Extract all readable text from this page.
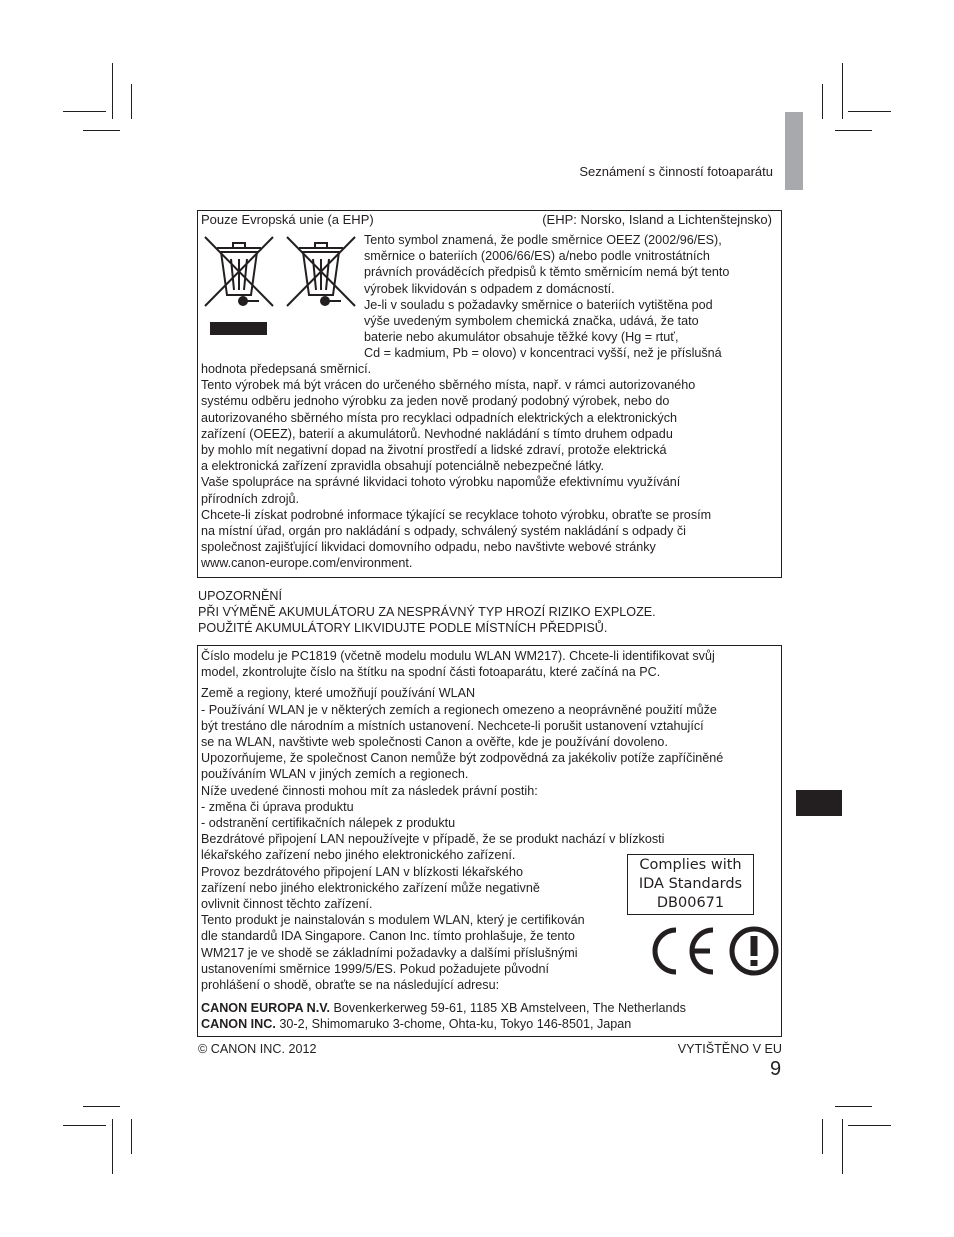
Seznámení s činností fotoaparátu
Pouze Evropská unie (a EHP)	(EHP: Norsko, Island a Lichtenštejnsko)
Tento symbol znamená, že podle směrnice OEEZ (2002/96/ES),
směrnice o bateriích (2006/66/ES) a/nebo podle vnitrostátních
právních prováděcích předpisů k těmto směrnicím nemá být tento
výrobek likvidován s odpadem z domácností.
Je-li v souladu s požadavky směrnice o bateriích vytištěna pod
výše uvedeným symbolem chemická značka, udává, že tato
baterie nebo akumulátor obsahuje těžké kovy (Hg = rtuť,
Cd = kadmium, Pb = olovo) v koncentraci vyšší, než je příslušná
hodnota předepsaná směrnicí.
Tento výrobek má být vrácen do určeného sběrného místa, např. v rámci autorizovaného
systému odběru jednoho výrobku za jeden nově prodaný podobný výrobek, nebo do
autorizovaného sběrného místa pro recyklaci odpadních elektrických a elektronických
zařízení (OEEZ), baterií a akumulátorů. Nevhodné nakládání s tímto druhem odpadu
by mohlo mít negativní dopad na životní prostředí a lidské zdraví, protože elektrická
a elektronická zařízení zpravidla obsahují potenciálně nebezpečné látky.
Vaše spolupráce na správné likvidaci tohoto výrobku napomůže efektivnímu využívání
přírodních zdrojů.
Chcete-li získat podrobné informace týkající se recyklace tohoto výrobku, obraťte se prosím
na místní úřad, orgán pro nakládání s odpady, schválený systém nakládání s odpady či
společnost zajišťující likvidaci domovního odpadu, nebo navštivte webové stránky
www.canon-europe.com/environment.
UPOZORNĚNÍ
PŘI VÝMĚNĚ AKUMULÁTORU ZA NESPRÁVNÝ TYP HROZÍ RIZIKO EXPLOZE.
POUŽITÉ AKUMULÁTORY LIKVIDUJTE PODLE MÍSTNÍCH PŘEDPISŮ.
Číslo modelu je PC1819 (včetně modelu modulu WLAN WM217). Chcete-li identifikovat svůj
model, zkontrolujte číslo na štítku na spodní části fotoaparátu, které začíná na PC.
Země a regiony, které umožňují používání WLAN
- Používání WLAN je v některých zemích a regionech omezeno a neoprávněné použití může
být trestáno dle národním a místních ustanovení. Nechcete-li porušit ustanovení vztahující
se na WLAN, navštivte web společnosti Canon a ověřte, kde je používání dovoleno.
Upozorňujeme, že společnost Canon nemůže být zodpovědná za jakékoliv potíže zapříčiněné
používáním WLAN v jiných zemích a regionech.
Níže uvedené činnosti mohou mít za následek právní postih:
- změna či úprava produktu
- odstranění certifikačních nálepek z produktu
Bezdrátové připojení LAN nepoužívejte v případě, že se produkt nachází v blízkosti
lékařského zařízení nebo jiného elektronického zařízení.
Provoz bezdrátového připojení LAN v blízkosti lékařského
zařízení nebo jiného elektronického zařízení může negativně
ovlivnit činnost těchto zařízení.
Tento produkt je nainstalován s modulem WLAN, který je certifikován
dle standardů IDA Singapore. Canon Inc. tímto prohlašuje, že tento
WM217 je ve shodě se základními požadavky a dalšími příslušnými
ustanoveními směrnice 1999/5/ES. Pokud požadujete původní
prohlášení o shodě, obraťte se na následující adresu:
Complies with
IDA Standards
DB00671
CANON EUROPA N.V. Bovenkerkerweg 59-61, 1185 XB Amstelveen, The Netherlands
CANON INC. 30-2, Shimomaruko 3-chome, Ohta-ku, Tokyo 146-8501, Japan
© CANON INC. 2012	VYTIŠTĚNO V EU
9
